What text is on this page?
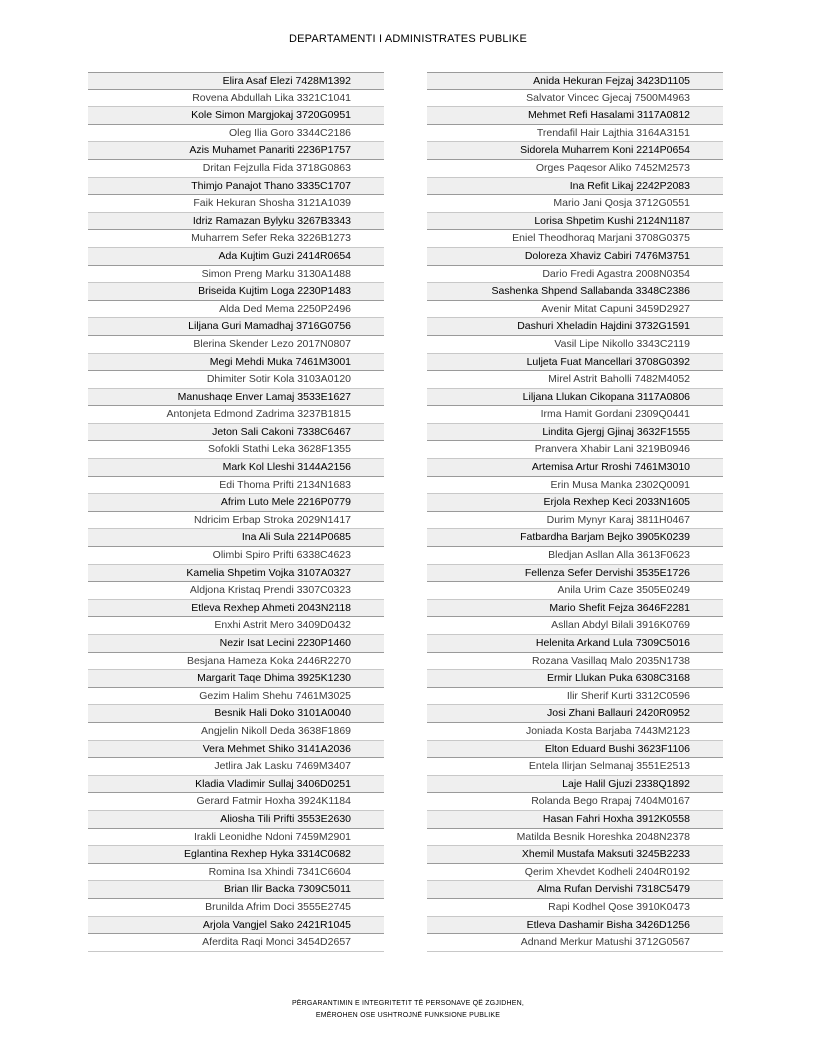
DEPARTAMENTI I ADMINISTRATES PUBLIKE
Elira Asaf Elezi 7428M1392
Rovena Abdullah Lika 3321C1041
Kole Simon Margjokaj 3720G0951
Oleg Ilia Goro 3344C2186
Azis Muhamet Panariti 2236P1757
Dritan Fejzulla Fida 3718G0863
Thimjo Panajot Thano 3335C1707
Faik Hekuran Shosha 3121A1039
Idriz Ramazan Bylyku 3267B3343
Muharrem Sefer Reka 3226B1273
Ada Kujtim Guzi 2414R0654
Simon Preng Marku 3130A1488
Briseida Kujtim Loga 2230P1483
Alda Ded Mema 2250P2496
Liljana Guri Mamadhaj 3716G0756
Blerina Skender Lezo 2017N0807
Megi Mehdi Muka 7461M3001
Dhimiter Sotir Kola 3103A0120
Manushaqe Enver Lamaj 3533E1627
Antonjeta Edmond Zadrima 3237B1815
Jeton Sali Cakoni 7338C6467
Sofokli Stathi Leka 3628F1355
Mark Kol Lleshi 3144A2156
Edi Thoma Prifti 2134N1683
Afrim Luto Mele 2216P0779
Ndricim Erbap Stroka 2029N1417
Ina Ali Sula 2214P0685
Olimbi Spiro Prifti 6338C4623
Kamelia Shpetim Vojka 3107A0327
Aldjona Kristaq Prendi 3307C0323
Etleva Rexhep Ahmeti 2043N2118
Enxhi Astrit Mero 3409D0432
Nezir Isat Lecini 2230P1460
Besjana Hameza Koka 2446R2270
Margarit Taqe Dhima 3925K1230
Gezim Halim Shehu 7461M3025
Besnik Hali Doko 3101A0040
Angjelin Nikoll Deda 3638F1869
Vera Mehmet Shiko 3141A2036
Jetlira Jak Lasku 7469M3407
Kladia Vladimir Sullaj 3406D0251
Gerard Fatmir Hoxha 3924K1184
Aliosha Tili Prifti 3553E2630
Irakli Leonidhe Ndoni 7459M2901
Eglantina Rexhep Hyka 3314C0682
Romina Isa Xhindi 7341C6604
Brian Ilir Backa 7309C5011
Brunilda Afrim Doci 3555E2745
Arjola Vangjel Sako 2421R1045
Aferdita Raqi Monci 3454D2657
Anida Hekuran Fejzaj 3423D1105
Salvator Vincec Gjecaj 7500M4963
Mehmet Refi Hasalami 3117A0812
Trendafil Hair Lajthia 3164A3151
Sidorela Muharrem Koni 2214P0654
Orges Paqesor Aliko 7452M2573
Ina Refit Likaj 2242P2083
Mario Jani Qosja 3712G0551
Lorisa Shpetim Kushi 2124N1187
Eniel Theodhoraq Marjani 3708G0375
Doloreza Xhaviz Cabiri 7476M3751
Dario Fredi Agastra 2008N0354
Sashenka Shpend Sallabanda 3348C2386
Avenir Mitat Capuni 3459D2927
Dashuri Xheladin Hajdini 3732G1591
Vasil Lipe Nikollo 3343C2119
Luljeta Fuat Mancellari 3708G0392
Mirel Astrit Baholli 7482M4052
Liljana Llukan Cikopana 3117A0806
Irma Hamit Gordani 2309Q0441
Lindita Gjergj Gjinaj 3632F1555
Pranvera Xhabir Lani 3219B0946
Artemisa Artur Rroshi 7461M3010
Erin Musa Manka 2302Q0091
Erjola Rexhep Keci 2033N1605
Durim Mynyr Karaj 3811H0467
Fatbardha Barjam Bejko 3905K0239
Bledjan Asllan Alla 3613F0623
Fellenza Sefer Dervishi 3535E1726
Anila Urim Caze 3505E0249
Mario Shefit Fejza 3646F2281
Asllan Abdyl Bilali 3916K0769
Helenita Arkand Lula 7309C5016
Rozana Vasillaq Malo 2035N1738
Ermir Llukan Puka 6308C3168
Ilir Sherif Kurti 3312C0596
Josi Zhani Ballauri 2420R0952
Joniada Kosta Barjaba 7443M2123
Elton Eduard Bushi 3623F1106
Entela Ilirjan Selmanaj 3551E2513
Laje Halil Gjuzi 2338Q1892
Rolanda Bego Rrapaj 7404M0167
Hasan Fahri Hoxha 3912K0558
Matilda Besnik Horeshka 2048N2378
Xhemil Mustafa Maksuti 3245B2233
Qerim Xhevdet Kodheli 2404R0192
Alma Rufan Dervishi 7318C5479
Rapi Kodhel Qose 3910K0473
Etleva Dashamir Bisha 3426D1256
Adnand Merkur Matushi 3712G0567
PËRGARANTIMIN E INTEGRITETIT TË PERSONAVE QË ZGJIDHEN,
EMËROHEN OSE USHTROJNË FUNKSIONE PUBLIKE
